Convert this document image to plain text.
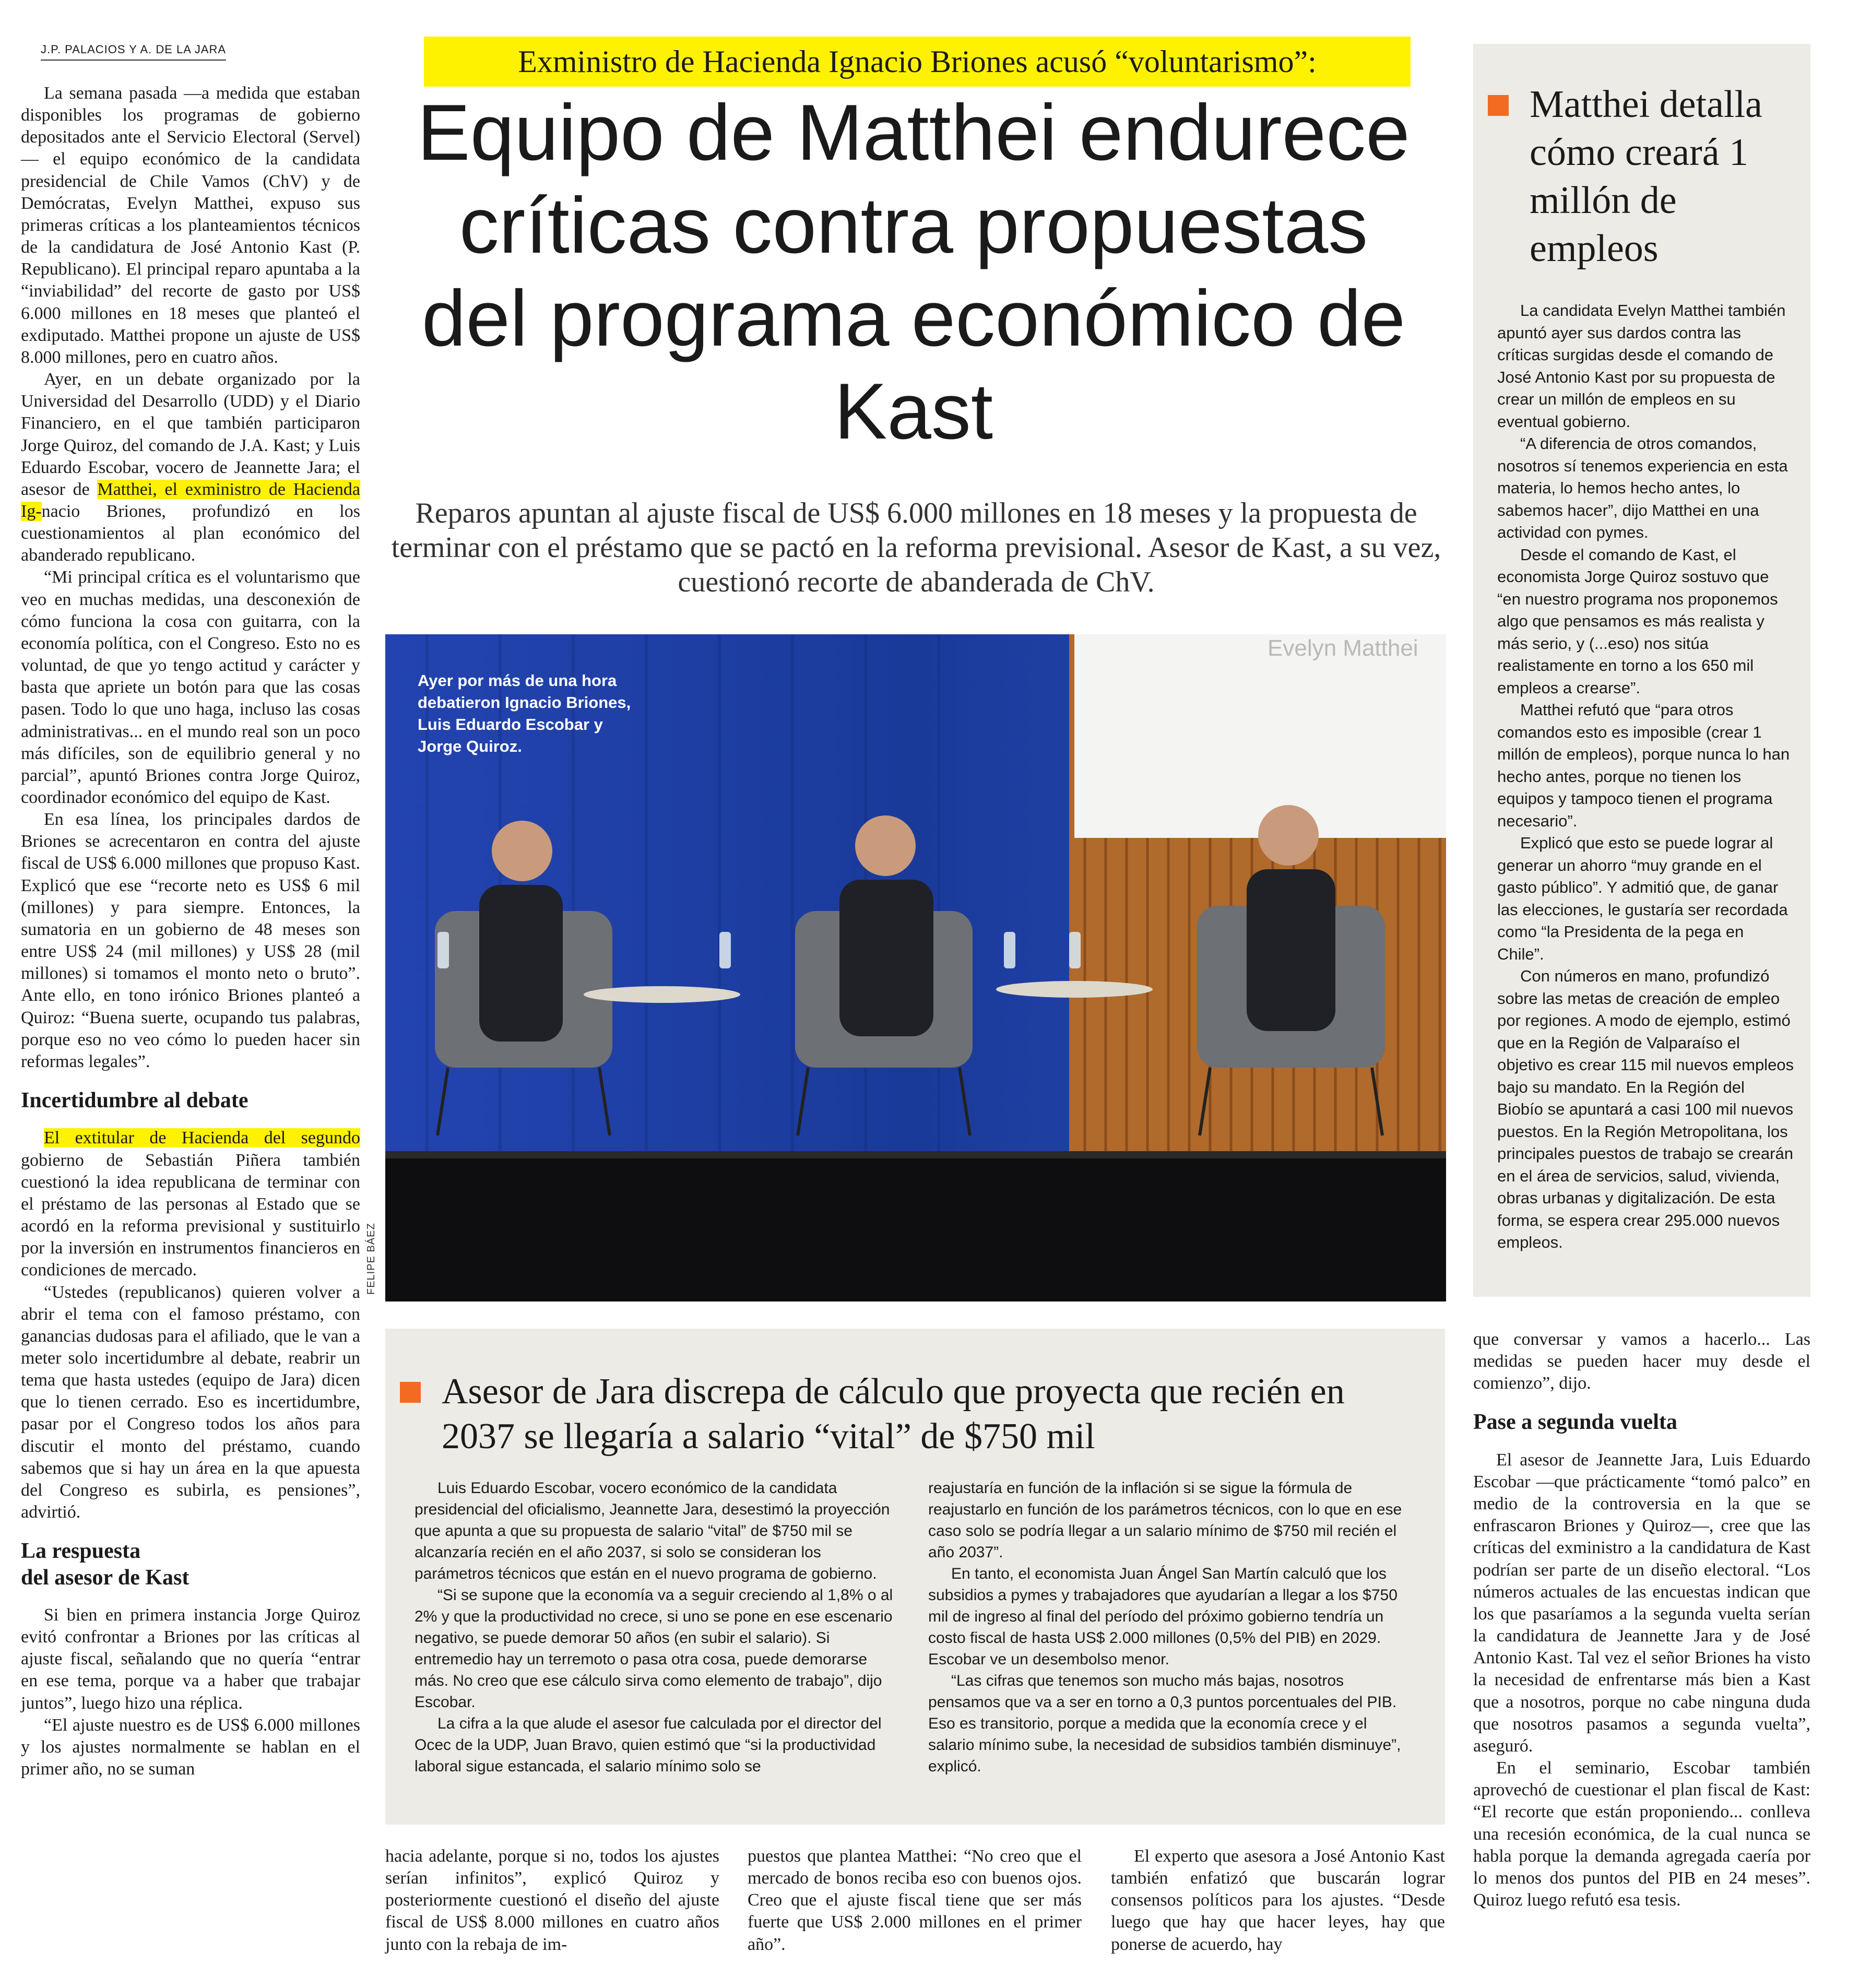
J.P. PALACIOS Y A. DE LA JARA

La semana pasada —a medida que estaban disponibles los programas de gobierno depositados ante el Servicio Electoral (Servel)— el equipo económico de la candidata presidencial de Chile Vamos (ChV) y de Demócratas, Evelyn Matthei, expuso sus primeras críticas a los planteamientos técnicos de la candidatura de José Antonio Kast (P. Republicano). El principal reparo apuntaba a la “inviabilidad” del recorte de gasto por US$ 6.000 millones en 18 meses que planteó el exdiputado. Matthei propone un ajuste de US$ 8.000 millones, pero en cuatro años.

Ayer, en un debate organizado por la Universidad del Desarrollo (UDD) y el Diario Financiero, en el que también participaron Jorge Quiroz, del comando de J.A. Kast; y Luis Eduardo Escobar, vocero de Jeannette Jara; el asesor de Matthei, el exministro de Hacienda Ig-nacio Briones, profundizó en los cuestionamientos al plan económico del abanderado republicano.

“Mi principal crítica es el voluntarismo que veo en muchas medidas, una desconexión de cómo funciona la cosa con guitarra, con la economía política, con el Congreso. Esto no es voluntad, de que yo tengo actitud y carácter y basta que apriete un botón para que las cosas pasen. Todo lo que uno haga, incluso las cosas administrativas... en el mundo real son un poco más difíciles, son de equilibrio general y no parcial”, apuntó Briones contra Jorge Quiroz, coordinador económico del equipo de Kast.

En esa línea, los principales dardos de Briones se acrecentaron en contra del ajuste fiscal de US$ 6.000 millones que propuso Kast. Explicó que ese “recorte neto es US$ 6 mil (millones) y para siempre. Entonces, la sumatoria en un gobierno de 48 meses son entre US$ 24 (mil millones) y US$ 28 (mil millones) si tomamos el monto neto o bruto”. Ante ello, en tono irónico Briones planteó a Quiroz: “Buena suerte, ocupando tus palabras, porque eso no veo cómo lo pueden hacer sin reformas legales”.

Incertidumbre al debate

El extitular de Hacienda del segundo gobierno de Sebastián Piñera también cuestionó la idea republicana de terminar con el préstamo de las personas al Estado que se acordó en la reforma previsional y sustituirlo por la inversión en instrumentos financieros en condiciones de mercado.

“Ustedes (republicanos) quieren volver a abrir el tema con el famoso préstamo, con ganancias dudosas para el afiliado, que le van a meter solo incertidumbre al debate, reabrir un tema que hasta ustedes (equipo de Jara) dicen que lo tienen cerrado. Eso es incertidumbre, pasar por el Congreso todos los años para discutir el monto del préstamo, cuando sabemos que si hay un área en la que apuesta del Congreso es subirla, es pensiones”, advirtió.

La respuesta
del asesor de Kast

Si bien en primera instancia Jorge Quiroz evitó confrontar a Briones por las críticas al ajuste fiscal, señalando que no quería “entrar en ese tema, porque va a haber que trabajar juntos”, luego hizo una réplica.

“El ajuste nuestro es de US$ 6.000 millones y los ajustes normalmente se hablan en el primer año, no se suman

Exministro de Hacienda Ignacio Briones acusó “voluntarismo”:
Equipo de Matthei endurece críticas contra propuestas del programa económico de Kast
Reparos apuntan al ajuste fiscal de US$ 6.000 millones en 18 meses y la propuesta de terminar con el préstamo que se pactó en la reforma previsional. Asesor de Kast, a su vez, cuestionó recorte de abanderada de ChV.
Evelyn Matthei
Ayer por más de una hora debatieron Ignacio Briones, Luis Eduardo Escobar y Jorge Quiroz.
FELIPE BÁEZ
Matthei detalla cómo creará 1 millón de empleos

La candidata Evelyn Matthei también apuntó ayer sus dardos contra las críticas surgidas desde el comando de José Antonio Kast por su propuesta de crear un millón de empleos en su eventual gobierno.

“A diferencia de otros comandos, nosotros sí tenemos experiencia en esta materia, lo hemos hecho antes, lo sabemos hacer”, dijo Matthei en una actividad con pymes.

Desde el comando de Kast, el economista Jorge Quiroz sostuvo que “en nuestro programa nos proponemos algo que pensamos es más realista y más serio, y (...eso) nos sitúa realistamente en torno a los 650 mil empleos a crearse”.

Matthei refutó que “para otros comandos esto es imposible (crear 1 millón de empleos), porque nunca lo han hecho antes, porque no tienen los equipos y tampoco tienen el programa necesario”.

Explicó que esto se puede lograr al generar un ahorro “muy grande en el gasto público”. Y admitió que, de ganar las elecciones, le gustaría ser recordada como “la Presidenta de la pega en Chile”.

Con números en mano, profundizó sobre las metas de creación de empleo por regiones. A modo de ejemplo, estimó que en la Región de Valparaíso el objetivo es crear 115 mil nuevos empleos bajo su mandato. En la Región del Biobío se apuntará a casi 100 mil nuevos puestos. En la Región Metropolitana, los principales puestos de trabajo se crearán en el área de servicios, salud, vivienda, obras urbanas y digitalización. De esta forma, se espera crear 295.000 nuevos empleos.

Asesor de Jara discrepa de cálculo que proyecta que recién en 2037 se llegaría a salario “vital” de $750 mil

Luis Eduardo Escobar, vocero económico de la candidata presidencial del oficialismo, Jeannette Jara, desestimó la proyección que apunta a que su propuesta de salario “vital” de $750 mil se alcanzaría recién en el año 2037, si solo se consideran los parámetros técnicos que están en el nuevo programa de gobierno.

“Si se supone que la economía va a seguir creciendo al 1,8% o al 2% y que la productividad no crece, si uno se pone en ese escenario negativo, se puede demorar 50 años (en subir el salario). Si entremedio hay un terremoto o pasa otra cosa, puede demorarse más. No creo que ese cálculo sirva como elemento de trabajo”, dijo Escobar.

La cifra a la que alude el asesor fue calculada por el director del Ocec de la UDP, Juan Bravo, quien estimó que “si la productividad laboral sigue estancada, el salario mínimo solo se

reajustaría en función de la inflación si se sigue la fórmula de reajustarlo en función de los parámetros técnicos, con lo que en ese caso solo se podría llegar a un salario mínimo de $750 mil recién el año 2037”.

En tanto, el economista Juan Ángel San Martín calculó que los subsidios a pymes y trabajadores que ayudarían a llegar a los $750 mil de ingreso al final del período del próximo gobierno tendría un costo fiscal de hasta US$ 2.000 millones (0,5% del PIB) en 2029. Escobar ve un desembolso menor.

“Las cifras que tenemos son mucho más bajas, nosotros pensamos que va a ser en torno a 0,3 puntos porcentuales del PIB. Eso es transitorio, porque a medida que la economía crece y el salario mínimo sube, la necesidad de subsidios también disminuye”, explicó.

hacia adelante, porque si no, todos los ajustes serían infinitos”, explicó Quiroz y posteriormente cuestionó el diseño del ajuste fiscal de US$ 8.000 millones en cuatro años junto con la rebaja de im-

puestos que plantea Matthei: “No creo que el mercado de bonos reciba eso con buenos ojos. Creo que el ajuste fiscal tiene que ser más fuerte que US$ 2.000 millones en el primer año”.

El experto que asesora a José Antonio Kast también enfatizó que buscarán lograr consensos políticos para los ajustes. “Desde luego que hay que hacer leyes, hay que ponerse de acuerdo, hay

que conversar y vamos a hacerlo... Las medidas se pueden hacer muy desde el comienzo”, dijo.

Pase a segunda vuelta

El asesor de Jeannette Jara, Luis Eduardo Escobar —que prácticamente “tomó palco” en medio de la controversia en la que se enfrascaron Briones y Quiroz—, cree que las críticas del exministro a la candidatura de Kast podrían ser parte de un diseño electoral. “Los números actuales de las encuestas indican que los que pasaríamos a la segunda vuelta serían la candidatura de Jeannette Jara y de José Antonio Kast. Tal vez el señor Briones ha visto la necesidad de enfrentarse más bien a Kast que a nosotros, porque no cabe ninguna duda que nosotros pasamos a segunda vuelta”, aseguró.

En el seminario, Escobar también aprovechó de cuestionar el plan fiscal de Kast: “El recorte que están proponiendo... conlleva una recesión económica, de la cual nunca se habla porque la demanda agregada caería por lo menos dos puntos del PIB en 24 meses”. Quiroz luego refutó esa tesis.
